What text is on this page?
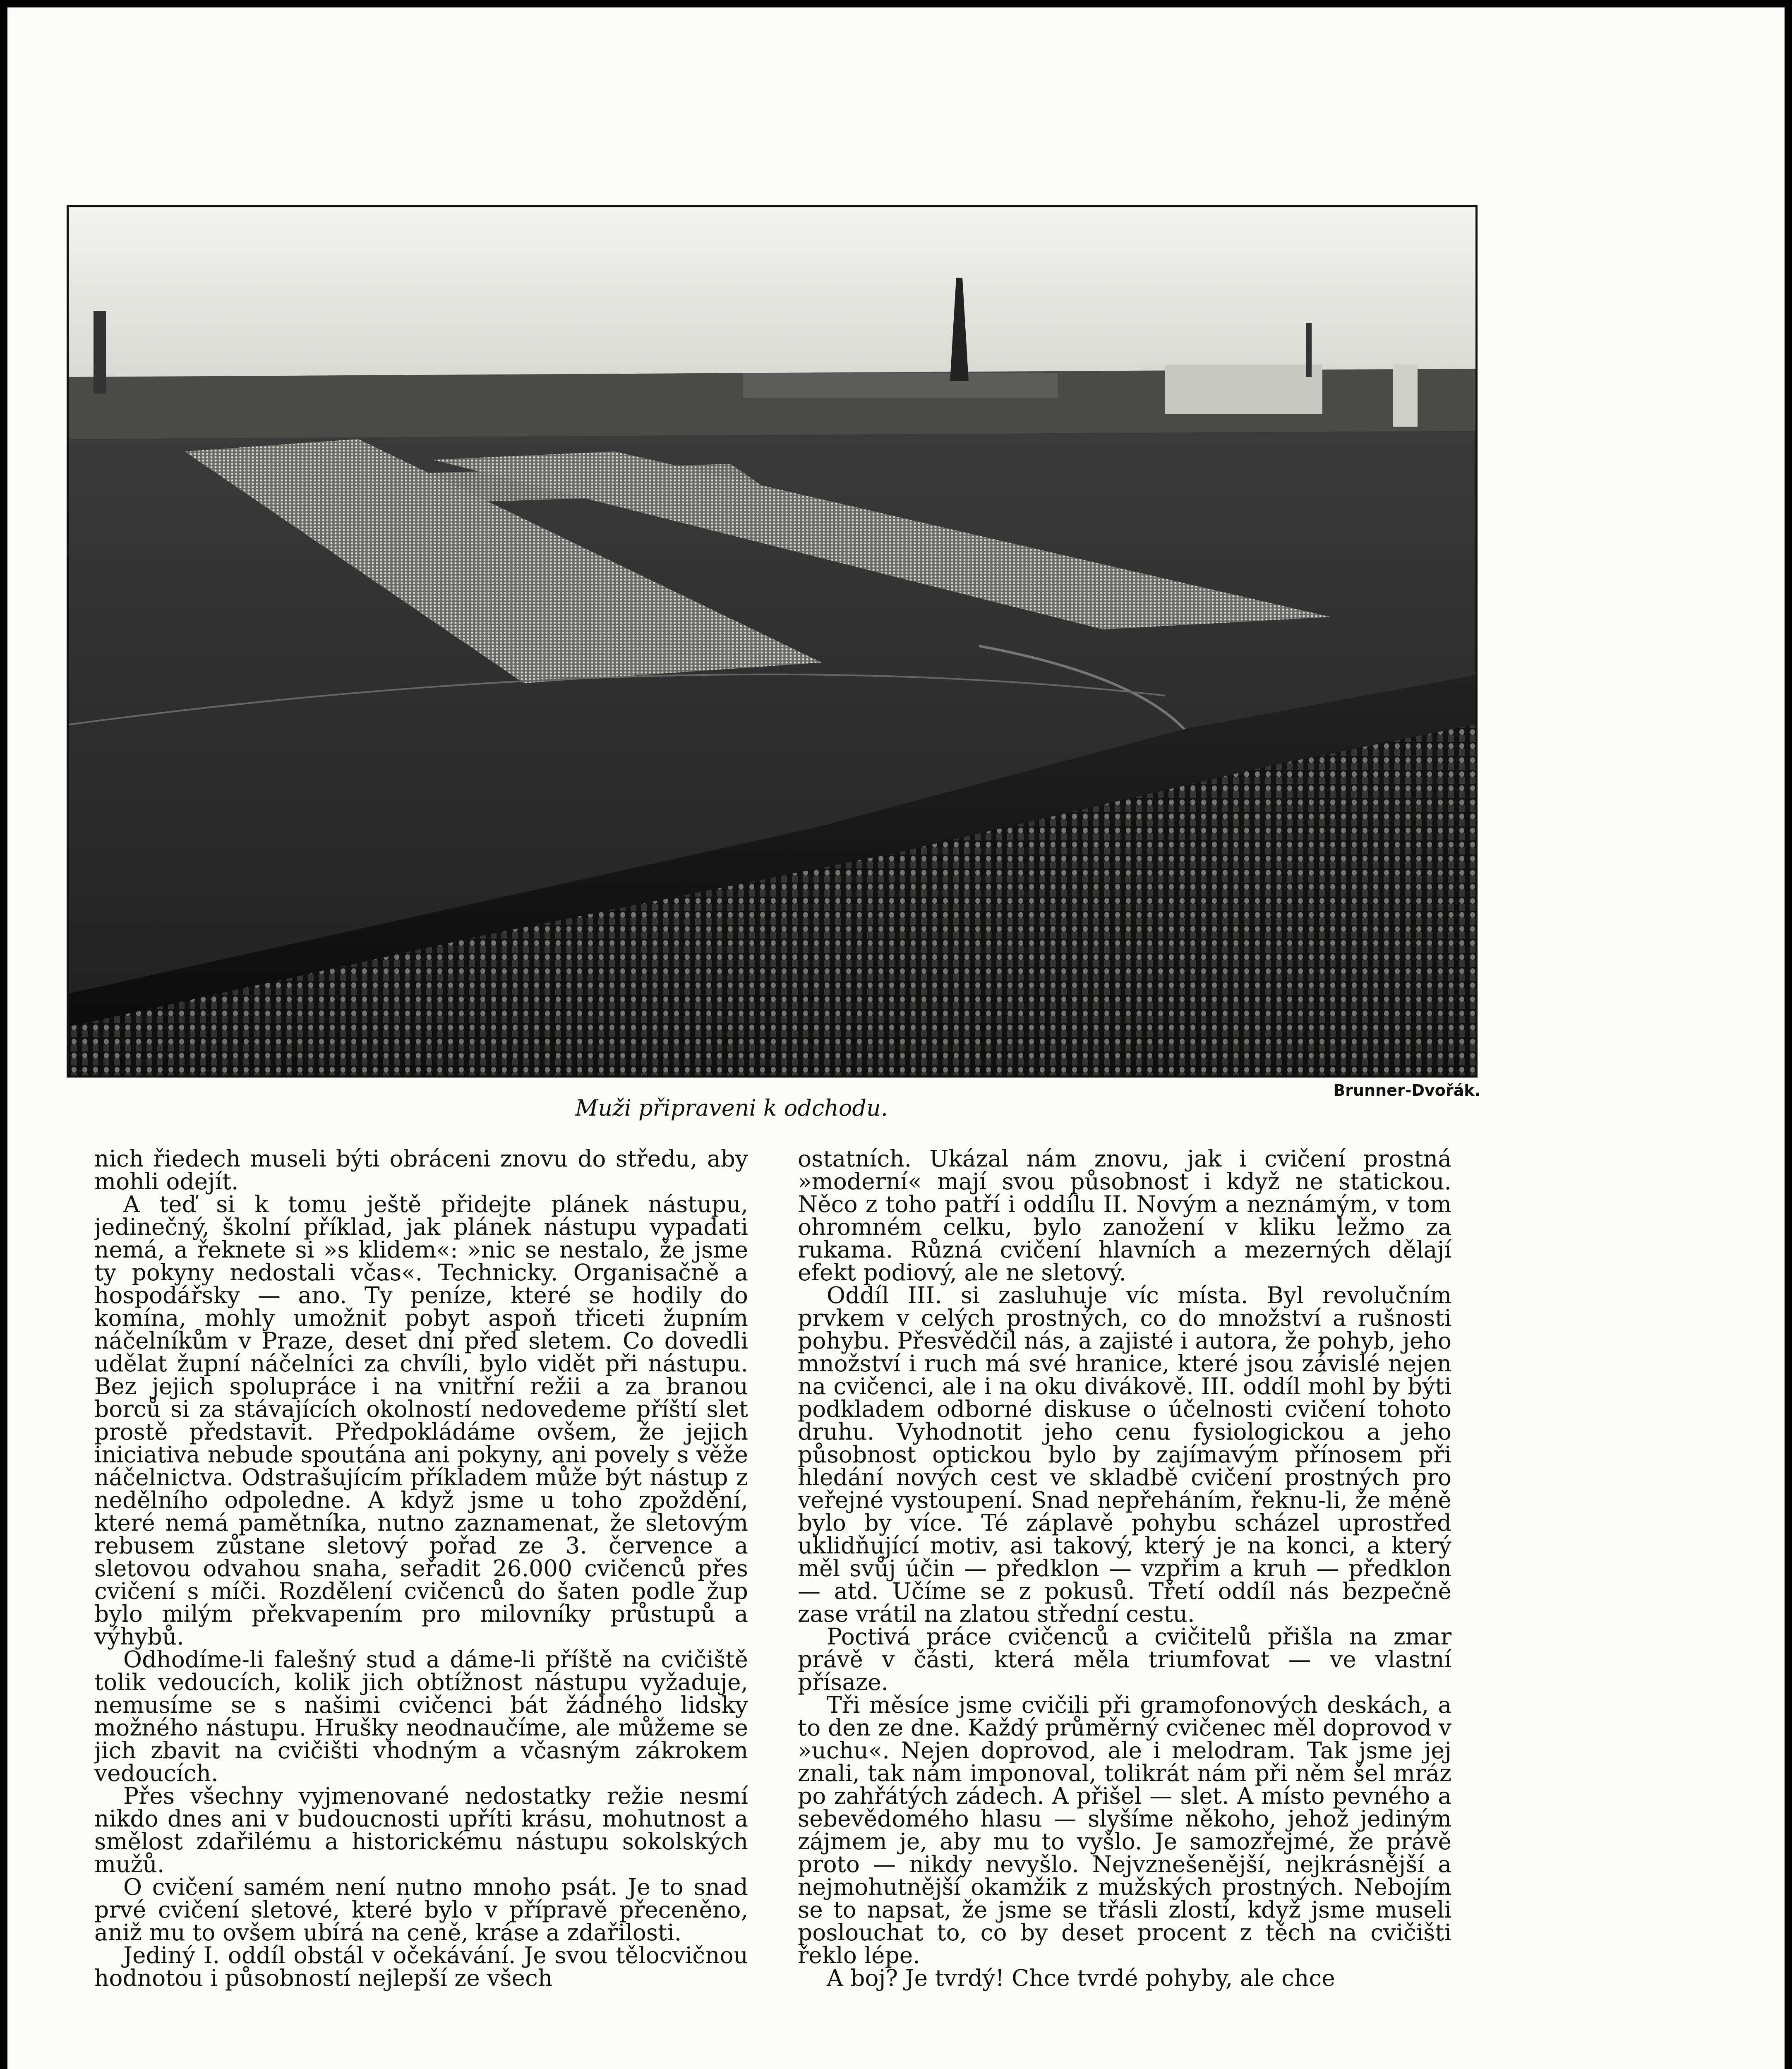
Brunner-Dvořák.
Muži připraveni k odchodu.

nich řiedech museli býti obráceni znovu do středu, aby mohli odejít.

A teď si k tomu ještě přidejte plánek nástupu, jedinečný, školní příklad, jak plánek nástupu vypadati nemá, a řeknete si »s klidem«: »nic se nestalo, že jsme ty pokyny nedostali včas«. Technicky. Organisačně a hospodářsky — ano. Ty peníze, které se hodily do komína, mohly umožnit pobyt aspoň třiceti župním náčelníkům v Praze, deset dní před sletem. Co dovedli udělat župní náčelníci za chvíli, bylo vidět při nástupu. Bez jejich spolupráce i na vnitřní režii a za branou borců si za stávajících okolností nedovedeme příští slet prostě představit. Předpokládáme ovšem, že jejich iniciativa nebude spoutána ani pokyny, ani povely s věže náčelnictva. Odstrašujícím příkladem může být nástup z nedělního odpoledne. A když jsme u toho zpoždění, které nemá pamětníka, nutno zaznamenat, že sletovým rebusem zůstane sletový pořad ze 3. července a sletovou odvahou snaha, seřadit 26.000 cvičenců přes cvičení s míči. Rozdělení cvičenců do šaten podle žup bylo milým překvapením pro milovníky průstupů a výhybů.

Odhodíme-li falešný stud a dáme-li příště na cvičiště tolik vedoucích, kolik jich obtížnost nástupu vyžaduje, nemusíme se s našimi cvičenci bát žádného lidsky možného nástupu. Hrušky neodnaučíme, ale můžeme se jich zbavit na cvičišti vhodným a včasným zákrokem vedoucích.

Přes všechny vyjmenované nedostatky režie nesmí nikdo dnes ani v budoucnosti upříti krásu, mohutnost a smělost zdařilému a historickému nástupu sokolských mužů.

O cvičení samém není nutno mnoho psát. Je to snad prvé cvičení sletové, které bylo v přípravě přeceněno, aniž mu to ovšem ubírá na ceně, kráse a zdařilosti.

Jediný I. oddíl obstál v očekávání. Je svou tělocvičnou hodnotou i působností nejlepší ze všech

ostatních. Ukázal nám znovu, jak i cvičení prostná »moderní« mají svou působnost i když ne statickou. Něco z toho patří i oddílu II. Novým a neznámým, v tom ohromném celku, bylo zanožení v kliku ležmo za rukama. Různá cvičení hlavních a mezerných dělají efekt podiový, ale ne sletový.

Oddíl III. si zasluhuje víc místa. Byl revolučním prvkem v celých prostných, co do množství a rušnosti pohybu. Přesvědčil nás, a zajisté i autora, že pohyb, jeho množství i ruch má své hranice, které jsou závislé nejen na cvičenci, ale i na oku divákově. III. oddíl mohl by býti podkladem odborné diskuse o účelnosti cvičení tohoto druhu. Vyhodnotit jeho cenu fysiologickou a jeho působnost optickou bylo by zajímavým přínosem při hledání nových cest ve skladbě cvičení prostných pro veřejné vystoupení. Snad nepřeháním, řeknu-li, že méně bylo by více. Té záplavě pohybu scházel uprostřed uklidňující motiv, asi takový, který je na konci, a který měl svůj účin — předklon — vzpřim a kruh — předklon — atd. Učíme se z pokusů. Třetí oddíl nás bezpečně zase vrátil na zlatou střední cestu.

Poctivá práce cvičenců a cvičitelů přišla na zmar právě v části, která měla triumfovat — ve vlastní přísaze.

Tři měsíce jsme cvičili při gramofonových deskách, a to den ze dne. Každý průměrný cvičenec měl doprovod v »uchu«. Nejen doprovod, ale i melodram. Tak jsme jej znali, tak nám imponoval, tolikrát nám při něm šel mráz po zahřátých zádech. A přišel — slet. A místo pevného a sebevědomého hlasu — slyšíme někoho, jehož jediným zájmem je, aby mu to vyšlo. Je samozřejmé, že právě proto — nikdy nevyšlo. Nejvznešenější, nejkrásnější a nejmohutnější okamžik z mužských prostných. Nebojím se to napsat, že jsme se třásli zlostí, když jsme museli poslouchat to, co by deset procent z těch na cvičišti řeklo lépe.

A boj? Je tvrdý! Chce tvrdé pohyby, ale chce
